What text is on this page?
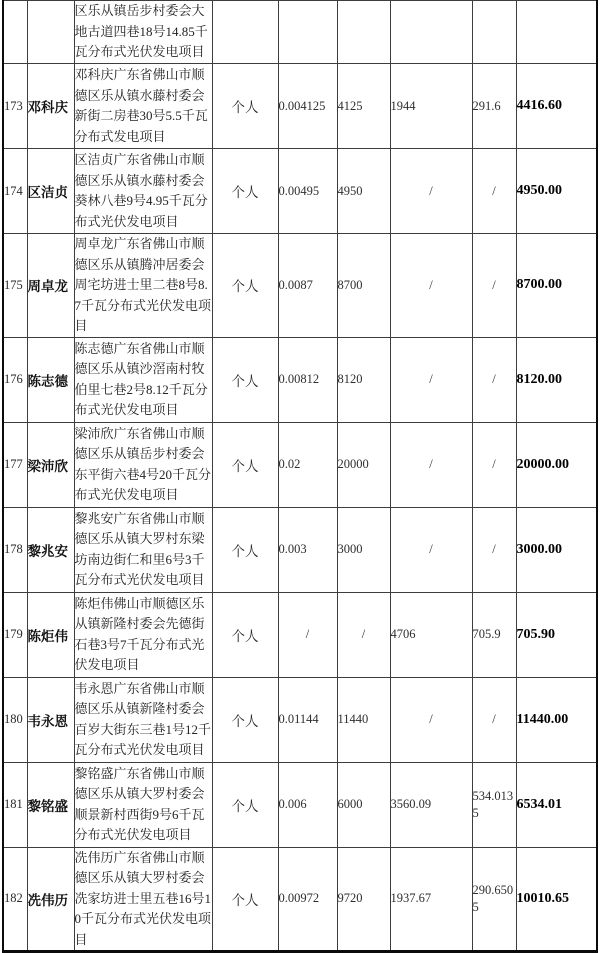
		区乐从镇岳步村委会大地古道四巷18号14.85千瓦分布式光伏发电项目						
173	邓科庆	邓科庆广东省佛山市顺德区乐从镇水藤村委会新街二房巷30号5.5千瓦分布式发电项目	个人	0.004125	4125	1944	291.6	4416.60
174	区洁贞	区洁贞广东省佛山市顺德区乐从镇水藤村委会葵林八巷9号4.95千瓦分布式光伏发电项目	个人	0.00495	4950	/	/	4950.00
175	周卓龙	周卓龙广东省佛山市顺德区乐从镇腾冲居委会周宅坊进士里二巷8号8.7千瓦分布式光伏发电项目	个人	0.0087	8700	/	/	8700.00
176	陈志德	陈志德广东省佛山市顺德区乐从镇沙滘南村牧伯里七巷2号8.12千瓦分布式光伏发电项目	个人	0.00812	8120	/	/	8120.00
177	梁沛欣	梁沛欣广东省佛山市顺德区乐从镇岳步村委会东平街六巷4号20千瓦分布式光伏发电项目	个人	0.02	20000	/	/	20000.00
178	黎兆安	黎兆安广东省佛山市顺德区乐从镇大罗村东梁坊南边街仁和里6号3千瓦分布式光伏发电项目	个人	0.003	3000	/	/	3000.00
179	陈炬伟	陈炬伟佛山市顺德区乐从镇新隆村委会先德街石巷3号7千瓦分布式光伏发电项目	个人	/	/	4706	705.9	705.90
180	韦永恩	韦永恩广东省佛山市顺德区乐从镇新隆村委会百岁大街东三巷1号12千瓦分布式光伏发电项目	个人	0.01144	11440	/	/	11440.00
181	黎铭盛	黎铭盛广东省佛山市顺德区乐从镇大罗村委会顺景新村西街9号6千瓦分布式光伏发电项目	个人	0.006	6000	3560.09	534.0135	6534.01
182	冼伟历	冼伟历广东省佛山市顺德区乐从镇大罗村委会冼家坊进士里五巷16号10千瓦分布式光伏发电项目	个人	0.00972	9720	1937.67	290.6505	10010.65
